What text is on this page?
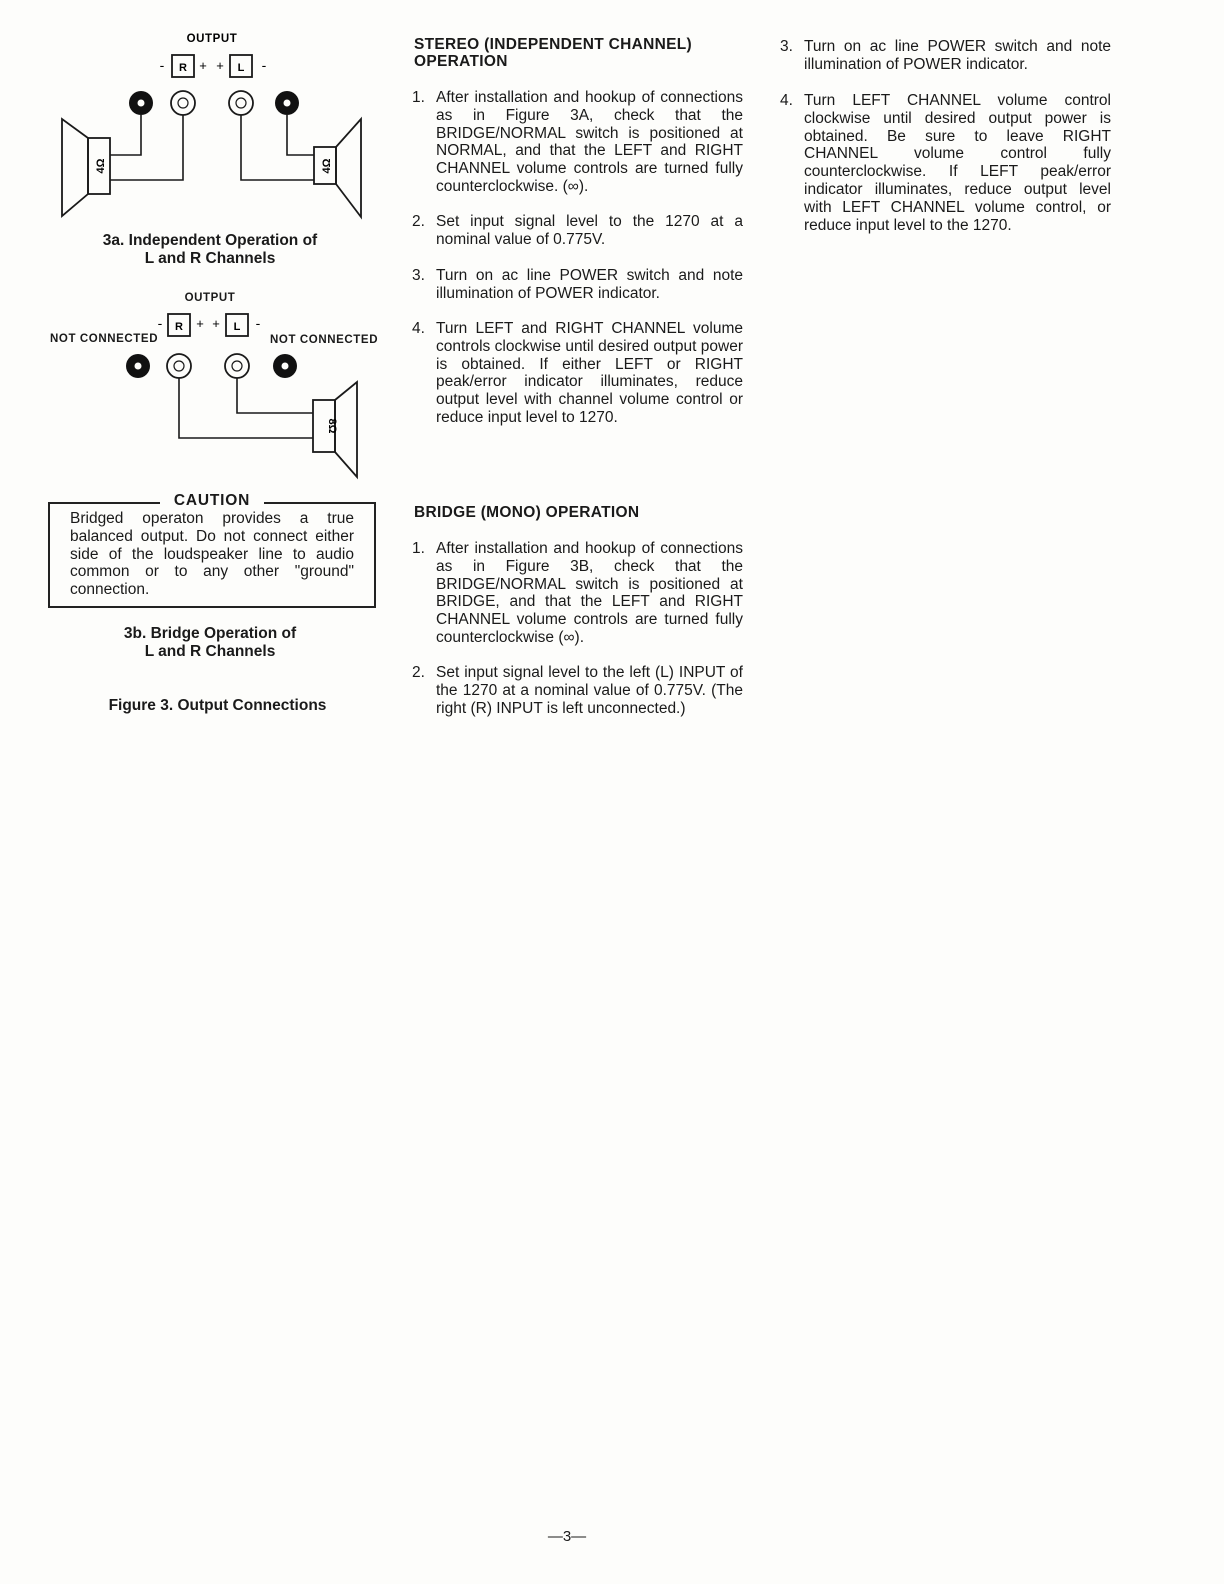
OUTPUT
- R + + L -
4Ω	4Ω
3a. Independent Operation of
L and R Channels
OUTPUT
NOT CONNECTED	NOT CONNECTED
- R + + L -
8Ω
CAUTION
Bridged operaton provides a true balanced output. Do not connect either side of the loudspeaker line to audio common or to any other "ground" connection.
3b. Bridge Operation of
L and R Channels
Figure 3. Output Connections
STEREO (INDEPENDENT CHANNEL)
OPERATION
1. After installation and hookup of connections as in Figure 3A, check that the BRIDGE/NORMAL switch is positioned at NORMAL, and that the LEFT and RIGHT CHANNEL volume controls are turned fully counterclockwise. (∞).
2. Set input signal level to the 1270 at a nominal value of 0.775V.
3. Turn on ac line POWER switch and note illumination of POWER indicator.
4. Turn LEFT and RIGHT CHANNEL volume controls clockwise until desired output power is obtained. If either LEFT or RIGHT peak/error indicator illuminates, reduce output level with channel volume control or reduce input level to 1270.
BRIDGE (MONO) OPERATION
1. After installation and hookup of connections as in Figure 3B, check that the BRIDGE/NORMAL switch is positioned at BRIDGE, and that the LEFT and RIGHT CHANNEL volume controls are turned fully counterclockwise (∞).
2. Set input signal level to the left (L) INPUT of the 1270 at a nominal value of 0.775V. (The right (R) INPUT is left unconnected.)
3. Turn on ac line POWER switch and note illumination of POWER indicator.
4. Turn LEFT CHANNEL volume control clockwise until desired output power is obtained. Be sure to leave RIGHT CHANNEL volume control fully counterclockwise. If LEFT peak/error indicator illuminates, reduce output level with LEFT CHANNEL volume control, or reduce input level to the 1270.
—3—
